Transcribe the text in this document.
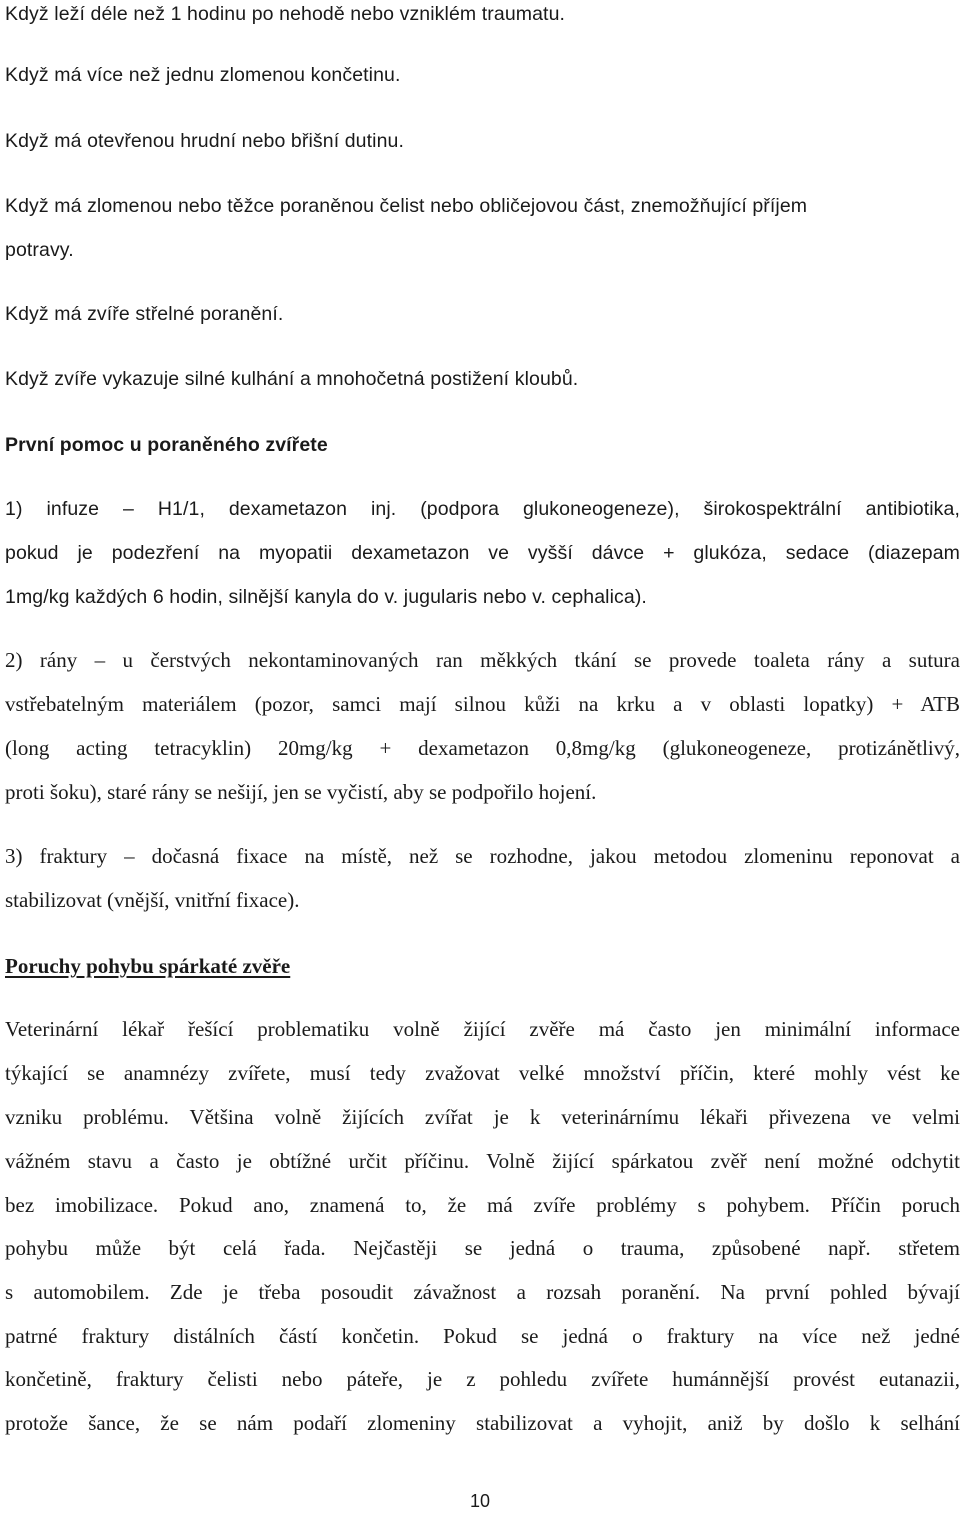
Když leží déle než 1 hodinu po nehodě nebo vzniklém traumatu.
Když má více než jednu zlomenou končetinu.
Když má otevřenou hrudní nebo břišní dutinu.
Když má zlomenou nebo těžce poraněnou čelist nebo obličejovou část, znemožňující příjem
potravy.
Když má zvíře střelné poranění.
Když zvíře vykazuje silné kulhání a mnohočetná postižení kloubů.
První pomoc u poraněného zvířete
1) infuze – H1/1, dexametazon inj. (podpora glukoneogeneze), širokospektrální antibiotika,
pokud je podezření na myopatii dexametazon ve vyšší dávce + glukóza, sedace (diazepam
1mg/kg každých 6 hodin, silnější kanyla do v. jugularis nebo v. cephalica).
2) rány – u čerstvých nekontaminovaných ran měkkých tkání se provede toaleta rány a sutura
vstřebatelným materiálem (pozor, samci mají silnou kůži na krku a v oblasti lopatky) + ATB
(long acting tetracyklin) 20mg/kg + dexametazon 0,8mg/kg (glukoneogeneze, protizánětlivý,
proti šoku), staré rány se nešijí, jen se vyčistí, aby se podpořilo hojení.
3) fraktury – dočasná fixace na místě, než se rozhodne, jakou metodou zlomeninu reponovat a
stabilizovat (vnější, vnitřní fixace).
Poruchy pohybu spárkaté zvěře
Veterinární lékař řešící problematiku volně žijící zvěře má často jen minimální informace
týkající se anamnézy zvířete, musí tedy zvažovat velké množství příčin, které mohly vést ke
vzniku problému. Většina volně žijících zvířat je k veterinárnímu lékaři přivezena ve velmi
vážném stavu a často je obtížné určit příčinu. Volně žijící spárkatou zvěř není možné odchytit
bez imobilizace. Pokud ano, znamená to, že má zvíře problémy s pohybem. Příčin poruch
pohybu může být celá řada. Nejčastěji se jedná o trauma, způsobené např. střetem
s automobilem. Zde je třeba posoudit závažnost a rozsah poranění. Na první pohled bývají
patrné fraktury distálních částí končetin. Pokud se jedná o fraktury na více než jedné
končetině, fraktury čelisti nebo páteře, je z pohledu zvířete humánnější provést eutanazii,
protože šance, že se nám podaří zlomeniny stabilizovat a vyhojit, aniž by došlo k selhání
10
